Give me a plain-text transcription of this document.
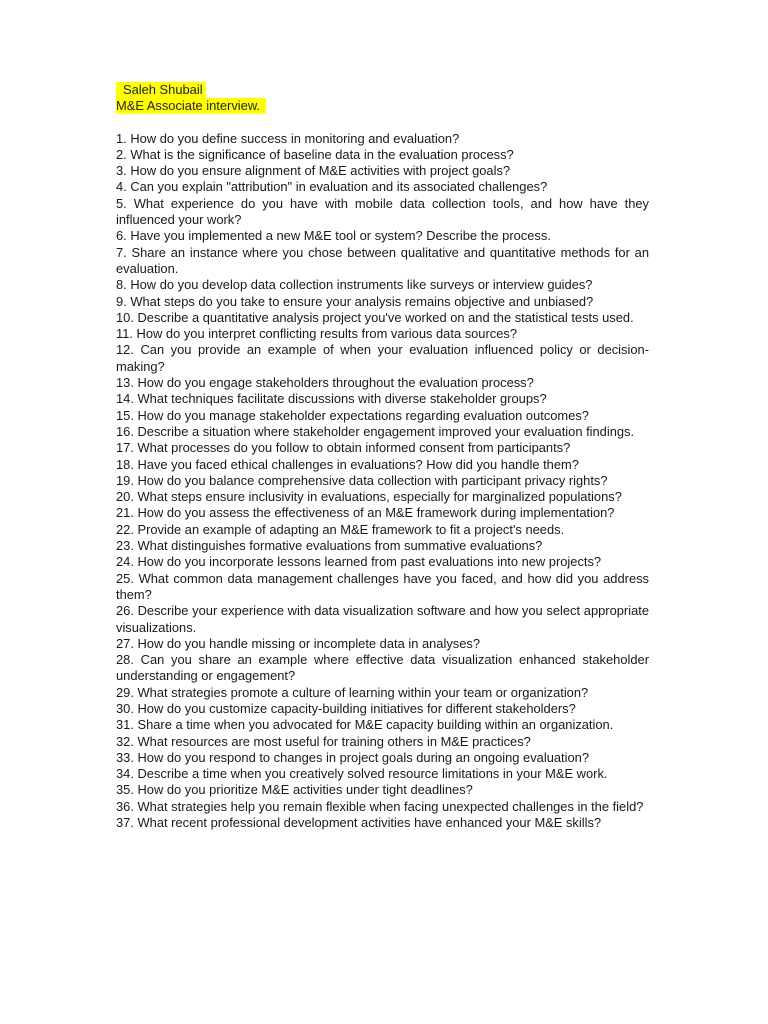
Saleh Shubail
M&E Associate interview.
1. How do you define success in monitoring and evaluation?
2. What is the significance of baseline data in the evaluation process?
3. How do you ensure alignment of M&E activities with project goals?
4. Can you explain "attribution" in evaluation and its associated challenges?
5. What experience do you have with mobile data collection tools, and how have they influenced your work?
6. Have you implemented a new M&E tool or system? Describe the process.
7. Share an instance where you chose between qualitative and quantitative methods for an evaluation.
8. How do you develop data collection instruments like surveys or interview guides?
9. What steps do you take to ensure your analysis remains objective and unbiased?
10. Describe a quantitative analysis project you've worked on and the statistical tests used.
11. How do you interpret conflicting results from various data sources?
12. Can you provide an example of when your evaluation influenced policy or decision-making?
13. How do you engage stakeholders throughout the evaluation process?
14. What techniques facilitate discussions with diverse stakeholder groups?
15. How do you manage stakeholder expectations regarding evaluation outcomes?
16. Describe a situation where stakeholder engagement improved your evaluation findings.
17. What processes do you follow to obtain informed consent from participants?
18. Have you faced ethical challenges in evaluations? How did you handle them?
19. How do you balance comprehensive data collection with participant privacy rights?
20. What steps ensure inclusivity in evaluations, especially for marginalized populations?
21. How do you assess the effectiveness of an M&E framework during implementation?
22. Provide an example of adapting an M&E framework to fit a project's needs.
23. What distinguishes formative evaluations from summative evaluations?
24. How do you incorporate lessons learned from past evaluations into new projects?
25. What common data management challenges have you faced, and how did you address them?
26. Describe your experience with data visualization software and how you select appropriate visualizations.
27. How do you handle missing or incomplete data in analyses?
28. Can you share an example where effective data visualization enhanced stakeholder understanding or engagement?
29. What strategies promote a culture of learning within your team or organization?
30. How do you customize capacity-building initiatives for different stakeholders?
31. Share a time when you advocated for M&E capacity building within an organization.
32. What resources are most useful for training others in M&E practices?
33. How do you respond to changes in project goals during an ongoing evaluation?
34. Describe a time when you creatively solved resource limitations in your M&E work.
35. How do you prioritize M&E activities under tight deadlines?
36. What strategies help you remain flexible when facing unexpected challenges in the field?
37. What recent professional development activities have enhanced your M&E skills?
